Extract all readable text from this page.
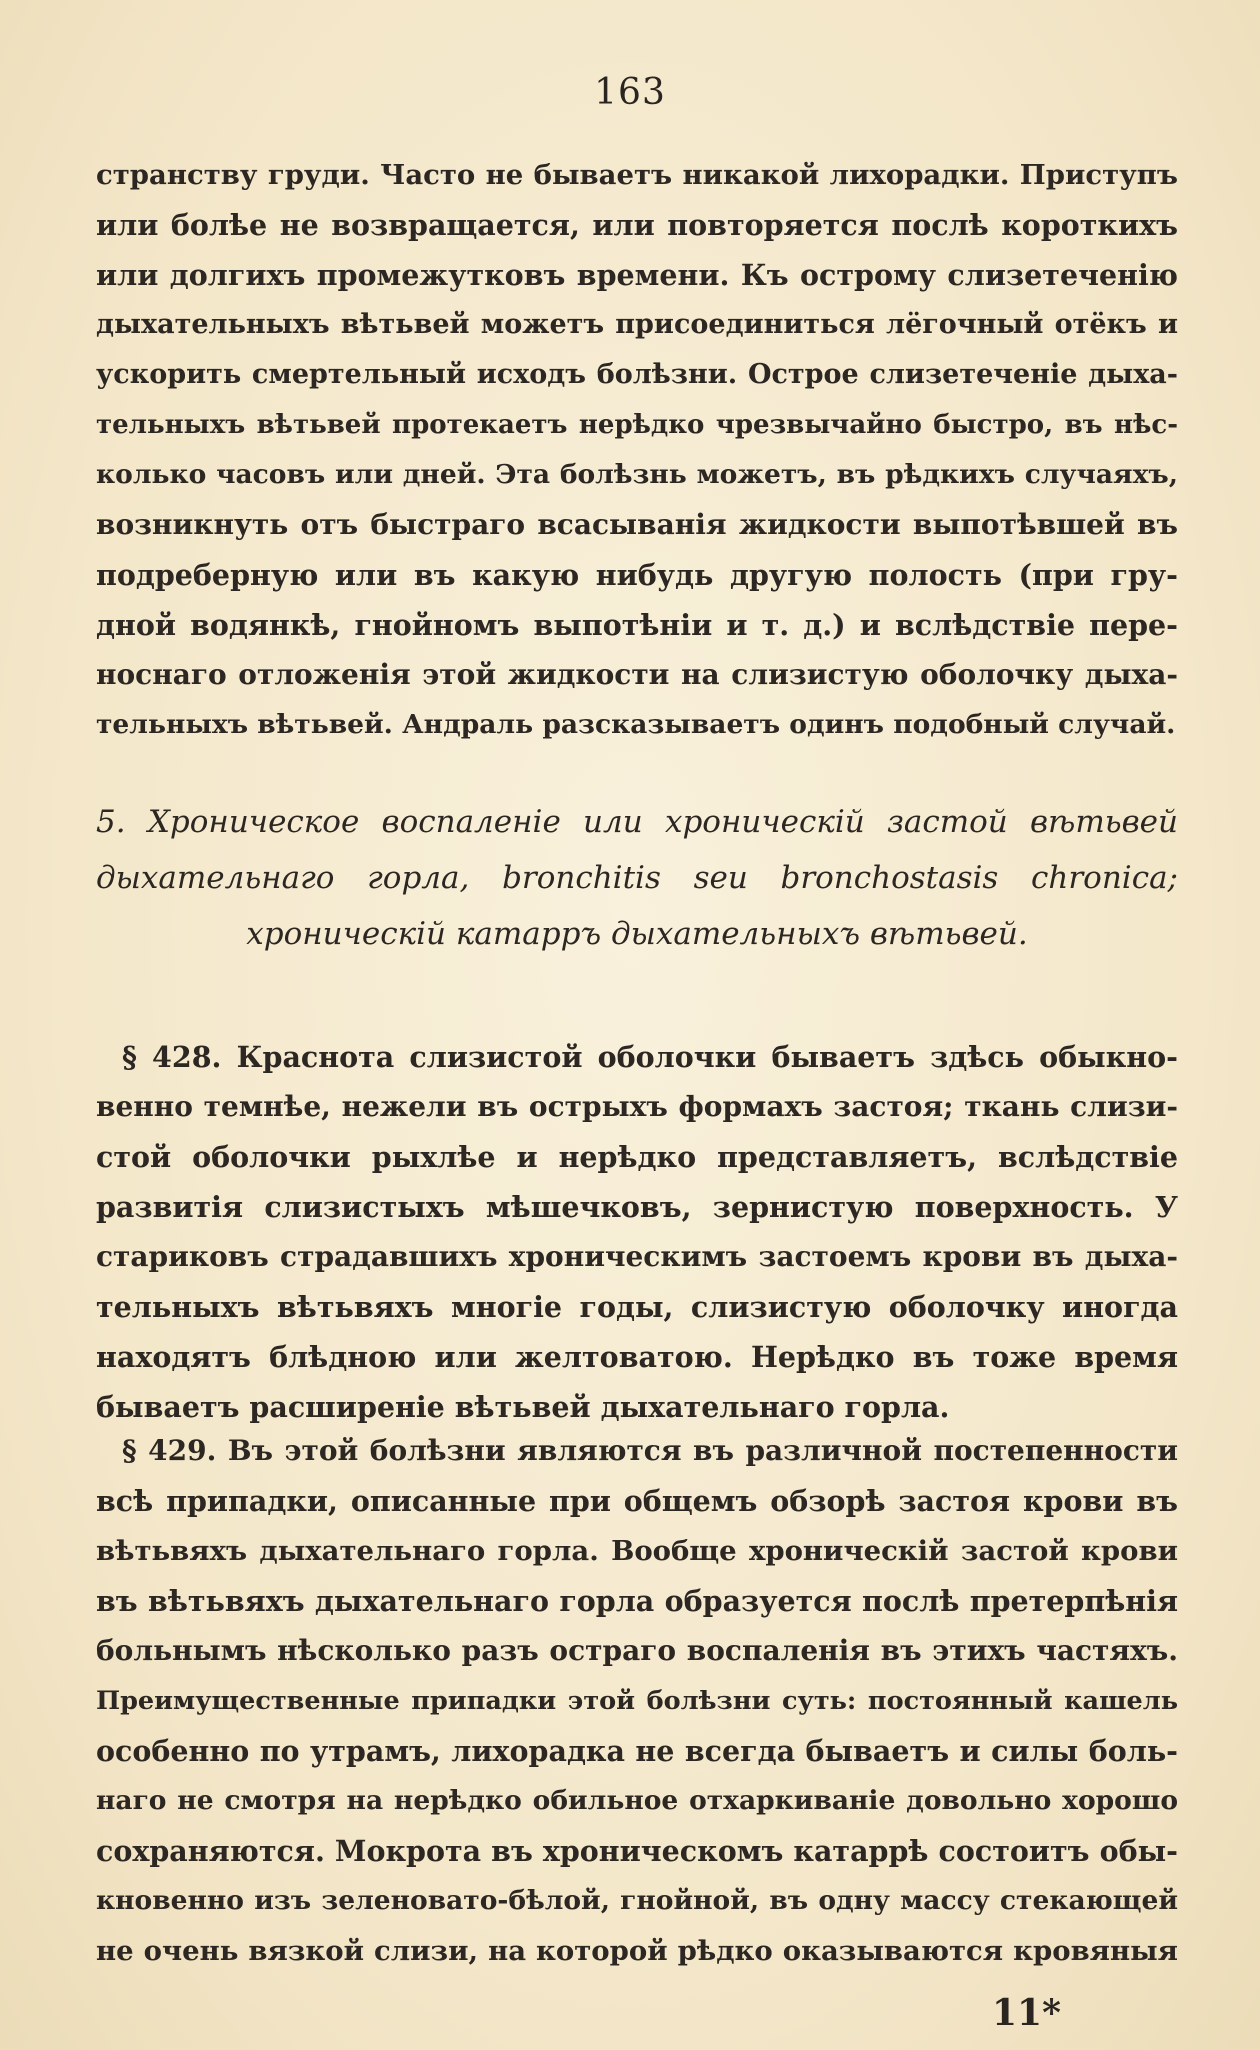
163
странству груди. Часто не бываетъ никакой лихорадки. Приступъ
или болѣе не возвращается, или повторяется послѣ короткихъ
или долгихъ промежутковъ времени. Къ острому слизетеченію
дыхательныхъ вѣтьвей можетъ присоединиться лёгочный отёкъ и
ускорить смертельный исходъ болѣзни. Острое слизетеченіе дыха-
тельныхъ вѣтьвей протекаетъ нерѣдко чрезвычайно быстро, въ нѣс-
колько часовъ или дней. Эта болѣзнь можетъ, въ рѣдкихъ случаяхъ,
возникнуть отъ быстраго всасыванія жидкости выпотѣвшей въ
подреберную или въ какую нибудь другую полость (при гру-
дной водянкѣ, гнойномъ выпотѣніи и т. д.) и вслѣдствіе пере-
носнаго отложенія этой жидкости на слизистую оболочку дыха-
тельныхъ вѣтьвей. Андраль разсказываетъ одинъ подобный случай.
5. Хроническое воспаленіе или хроническій застой вѣтьвей
дыхательнаго горла, bronchitis seu bronchostasis chronica;
хроническій катарръ дыхательныхъ вѣтьвей.
§ 428. Краснота слизистой оболочки бываетъ здѣсь обыкно-
венно темнѣе, нежели въ острыхъ формахъ застоя; ткань слизи-
стой оболочки рыхлѣе и нерѣдко представляетъ, вслѣдствіе
развитія слизистыхъ мѣшечковъ, зернистую поверхность. У
стариковъ страдавшихъ хроническимъ застоемъ крови въ дыха-
тельныхъ вѣтьвяхъ многіе годы, слизистую оболочку иногда
находятъ блѣдною или желтоватою. Нерѣдко въ тоже время
бываетъ расширеніе вѣтьвей дыхательнаго горла.
§ 429. Въ этой болѣзни являются въ различной постепенности
всѣ припадки, описанные при общемъ обзорѣ застоя крови въ
вѣтьвяхъ дыхательнаго горла. Вообще хроническій застой крови
въ вѣтьвяхъ дыхательнаго горла образуется послѣ претерпѣнія
больнымъ нѣсколько разъ остраго воспаленія въ этихъ частяхъ.
Преимущественные припадки этой болѣзни суть: постоянный кашель
особенно по утрамъ, лихорадка не всегда бываетъ и силы боль-
наго не смотря на нерѣдко обильное отхаркиваніе довольно хорошо
сохраняются. Мокрота въ хроническомъ катаррѣ состоитъ обы-
кновенно изъ зеленовато-бѣлой, гнойной, въ одну массу стекающей
не очень вязкой слизи, на которой рѣдко оказываются кровяныя
11*
